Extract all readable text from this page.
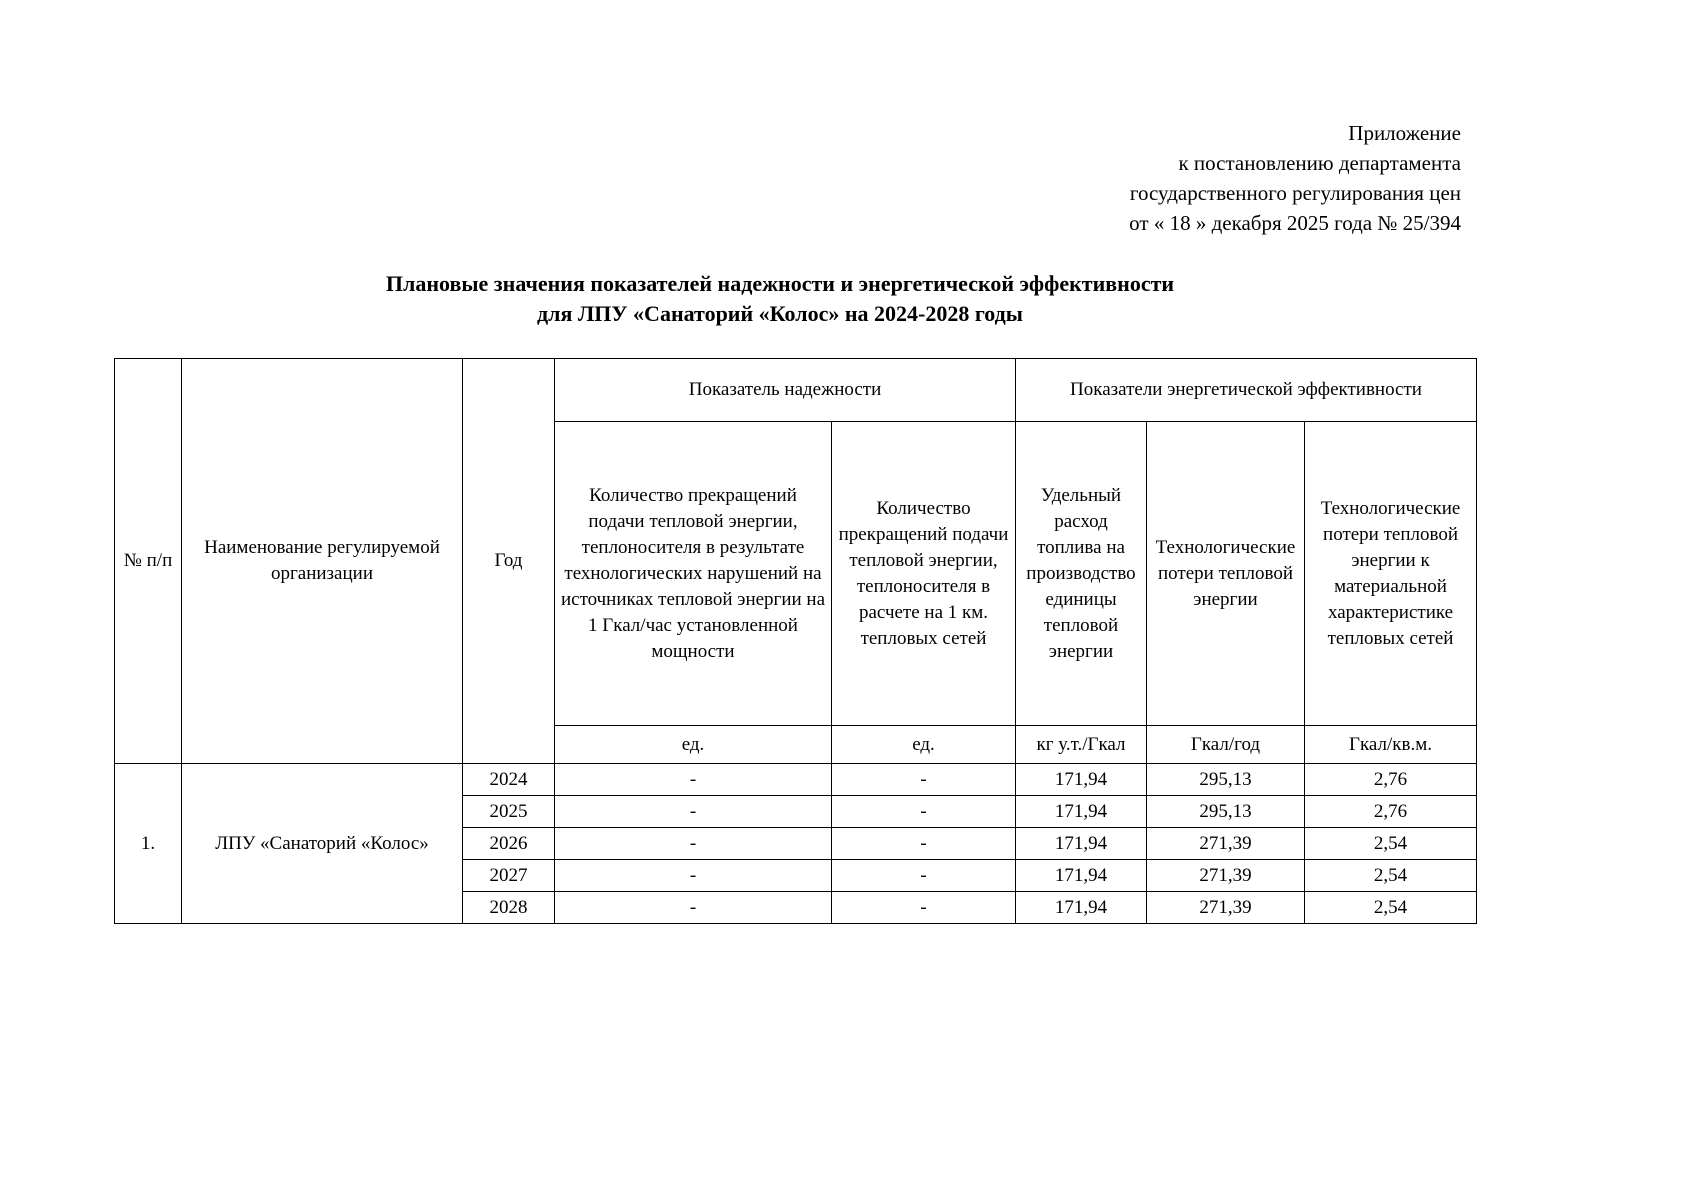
Приложение
к постановлению департамента
государственного регулирования цен
от « 18 » декабря 2025 года № 25/394
Плановые значения показателей надежности и энергетической эффективности
для ЛПУ «Санаторий «Колос» на 2024-2028 годы
№ п/п	Наименование регулируемой организации	Год	Показатель надежности		Показатели энергетической эффективности		
			Количество прекращений подачи тепловой энергии, теплоносителя в результате технологических нарушений на источниках тепловой энергии на 1 Гкал/час установленной мощности	Количество прекращений подачи тепловой энергии, теплоносителя в расчете на 1 км. тепловых сетей	Удельный расход топлива на производство единицы тепловой энергии	Технологические потери тепловой энергии	Технологические потери тепловой энергии к материальной характеристике тепловых сетей
			ед.	ед.	кг у.т./Гкал	Гкал/год	Гкал/кв.м.
1.	ЛПУ «Санаторий «Колос»	2024	-	-	171,94	295,13	2,76
		2025	-	-	171,94	295,13	2,76
		2026	-	-	171,94	271,39	2,54
		2027	-	-	171,94	271,39	2,54
		2028	-	-	171,94	271,39	2,54
